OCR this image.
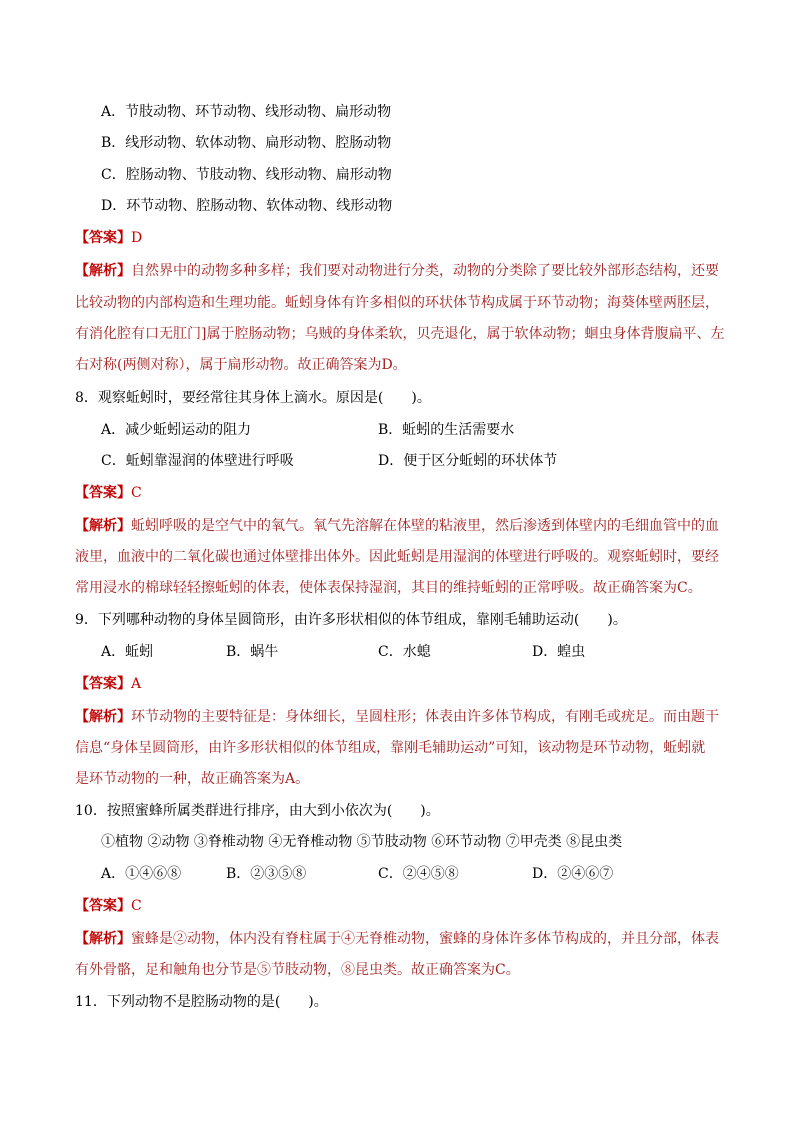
A．节肢动物、环节动物、线形动物、扁形动物
B．线形动物、软体动物、扁形动物、腔肠动物
C．腔肠动物、节肢动物、线形动物、扁形动物
D．环节动物、腔肠动物、软体动物、线形动物
【答案】D
【解析】自然界中的动物多种多样；我们要对动物进行分类，动物的分类除了要比较外部形态结构，还要
比较动物的内部构造和生理功能。蚯蚓身体有许多相似的环状体节构成属于环节动物；海葵体壁两胚层，
有消化腔有口无肛门]属于腔肠动物；乌贼的身体柔软，贝壳退化，属于软体动物；蛔虫身体背腹扁平、左
右对称(两侧对称），属于扁形动物。故正确答案为D。
8．观察蚯蚓时，要经常往其身体上滴水。原因是(　　)。
A．减少蚯蚓运动的阻力	B．蚯蚓的生活需要水
C．蚯蚓靠湿润的体壁进行呼吸	D．便于区分蚯蚓的环状体节
【答案】C
【解析】蚯蚓呼吸的是空气中的氧气。氧气先溶解在体壁的粘液里，然后渗透到体壁内的毛细血管中的血
液里，血液中的二氧化碳也通过体壁排出体外。因此蚯蚓是用湿润的体壁进行呼吸的。观察蚯蚓时，要经
常用浸水的棉球轻轻擦蚯蚓的体表，使体表保持湿润，其目的维持蚯蚓的正常呼吸。故正确答案为C。
9．下列哪种动物的身体呈圆筒形，由许多形状相似的体节组成，靠刚毛辅助运动(　　)。
A．蚯蚓	B．蜗牛	C．水螅	D．蝗虫
【答案】A
【解析】环节动物的主要特征是：身体细长，呈圆柱形；体表由许多体节构成，有刚毛或疣足。而由题干
信息“身体呈圆筒形，由许多形状相似的体节组成，靠刚毛辅助运动”可知，该动物是环节动物，蚯蚓就
是环节动物的一种，故正确答案为A。
10．按照蜜蜂所属类群进行排序，由大到小依次为(　　)。
①植物 ②动物 ③脊椎动物 ④无脊椎动物 ⑤节肢动物 ⑥环节动物 ⑦甲壳类 ⑧昆虫类
A．①④⑥⑧	B．②③⑤⑧	C．②④⑤⑧	D．②④⑥⑦
【答案】C
【解析】蜜蜂是②动物，体内没有脊柱属于④无脊椎动物，蜜蜂的身体许多体节构成的，并且分部，体表
有外骨骼，足和触角也分节是⑤节肢动物，⑧昆虫类。故正确答案为C。
11．下列动物不是腔肠动物的是(　　)。
